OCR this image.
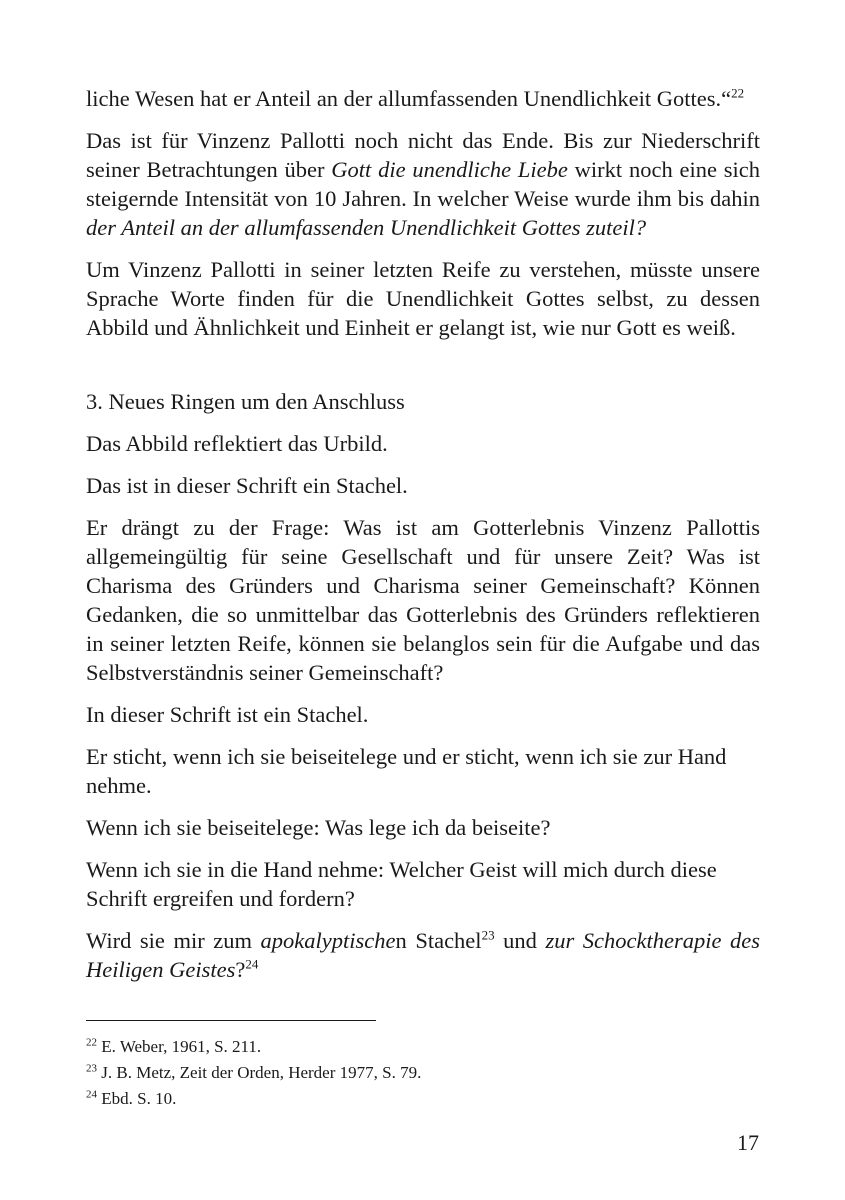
liche Wesen hat er Anteil an der allumfassenden Unendlichkeit Gottes.“$^{22}$

Das ist für Vinzenz Pallotti noch nicht das Ende. Bis zur Niederschrift seiner Betrachtungen über Gott die unendliche Liebe wirkt noch eine sich steigernde Intensität von 10 Jahren. In welcher Weise wurde ihm bis dahin der Anteil an der allumfassenden Unendlichkeit Gottes zuteil?

Um Vinzenz Pallotti in seiner letzten Reife zu verstehen, müsste unsere Sprache Worte finden für die Unendlichkeit Gottes selbst, zu dessen Abbild und Ähnlichkeit und Einheit er gelangt ist, wie nur Gott es weiß.

3. Neues Ringen um den Anschluss

Das Abbild reflektiert das Urbild.

Das ist in dieser Schrift ein Stachel.

Er drängt zu der Frage: Was ist am Gotterlebnis Vinzenz Pallottis allgemeingültig für seine Gesellschaft und für unsere Zeit? Was ist Charisma des Gründers und Charisma seiner Gemeinschaft? Können Gedanken, die so unmittelbar das Gotterlebnis des Gründers reflektieren in seiner letzten Reife, können sie belanglos sein für die Aufgabe und das Selbstverständnis seiner Gemeinschaft?

In dieser Schrift ist ein Stachel.

Er sticht, wenn ich sie beiseitelege und er sticht, wenn ich sie zur Hand nehme.

Wenn ich sie beiseitelege: Was lege ich da beiseite?

Wenn ich sie in die Hand nehme: Welcher Geist will mich durch diese Schrift ergreifen und fordern?

Wird sie mir zum apokalyptischen Stachel$^{23}$ und zur Schocktherapie des Heiligen Geistes?$^{24}$

$^{22}$ E. Weber, 1961, S. 211.

$^{23}$ J. B. Metz, Zeit der Orden, Herder 1977, S. 79.

$^{24}$ Ebd. S. 10.

17
